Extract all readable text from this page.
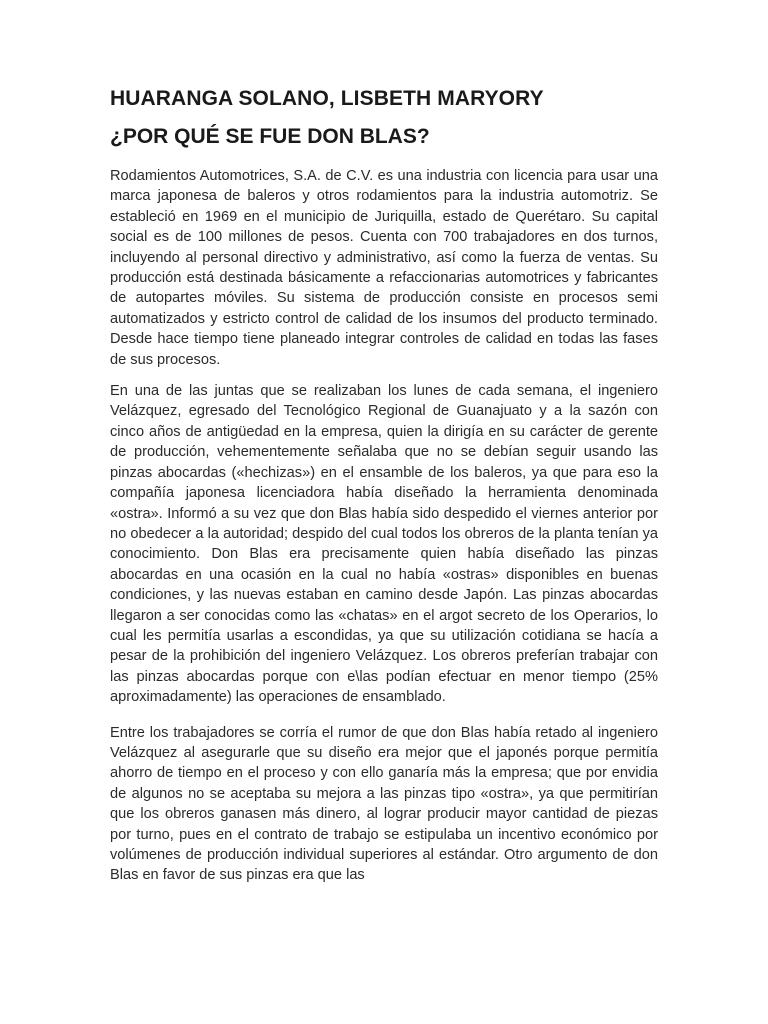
HUARANGA SOLANO, LISBETH MARYORY
¿POR QUÉ SE FUE DON BLAS?

Rodamientos Automotrices, S.A. de C.V. es una industria con licencia para usar una marca japonesa de baleros y otros rodamientos para la industria automotriz. Se estableció en 1969 en el municipio de Juriquilla, estado de Querétaro. Su capital social es de 100 millones de pesos. Cuenta con 700 trabajadores en dos turnos, incluyendo al personal directivo y administrativo, así como la fuerza de ventas. Su producción está destinada básicamente a refaccionarias automotrices y fabricantes de autopartes móviles. Su sistema de producción consiste en procesos semi automatizados y estricto control de calidad de los insumos del producto terminado. Desde hace tiempo tiene planeado integrar controles de calidad en todas las fases de sus procesos.

En una de las juntas que se realizaban los lunes de cada semana, el ingeniero Velázquez, egresado del Tecnológico Regional de Guanajuato y a la sazón con cinco años de antigüedad en la empresa, quien la dirigía en su carácter de gerente de producción, vehementemente señalaba que no se debían seguir usando las pinzas abocardas («hechizas») en el ensamble de los baleros, ya que para eso la compañía japonesa licenciadora había diseñado la herramienta denominada «ostra». Informó a su vez que don Blas había sido despedido el viernes anterior por no obedecer a la autoridad; despido del cual todos los obreros de la planta tenían ya conocimiento. Don Blas era precisamente quien había diseñado las pinzas abocardas en una ocasión en la cual no había «ostras» disponibles en buenas condiciones, y las nuevas estaban en camino desde Japón. Las pinzas abocardas llegaron a ser conocidas como las «chatas» en el argot secreto de los Operarios, lo cual les permitía usarlas a escondidas, ya que su utilización cotidiana se hacía a pesar de la prohibición del ingeniero Velázquez. Los obreros preferían trabajar con las pinzas abocardas porque con e\las podían efectuar en menor tiempo (25% aproximadamente) las operaciones de ensamblado.

Entre los trabajadores se corría el rumor de que don Blas había retado al ingeniero Velázquez al asegurarle que su diseño era mejor que el japonés porque permitía ahorro de tiempo en el proceso y con ello ganaría más la empresa; que por envidia de algunos no se aceptaba su mejora a las pinzas tipo «ostra», ya que permitirían que los obreros ganasen más dinero, al lograr producir mayor cantidad de piezas por turno, pues en el contrato de trabajo se estipulaba un incentivo económico por volúmenes de producción individual superiores al estándar. Otro argumento de don Blas en favor de sus pinzas era que las
